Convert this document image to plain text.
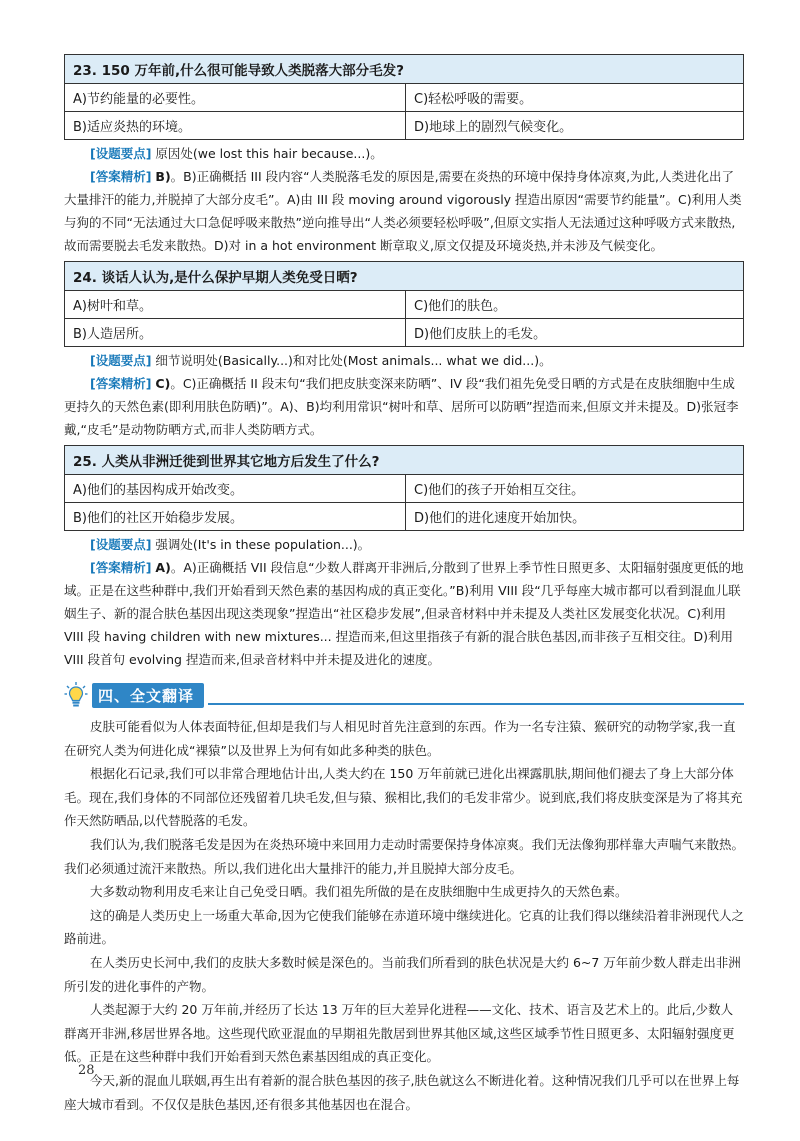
23. 150 万年前,什么很可能导致人类脱落大部分毛发?	
A)节约能量的必要性。	C)轻松呼吸的需要。
B)适应炎热的环境。	D)地球上的剧烈气候变化。

[设题要点] 原因处(we lost this hair because...)。

[答案精析] B)。B)正确概括 III 段内容“人类脱落毛发的原因是,需要在炎热的环境中保持身体凉爽,为此,人类进化出了大量排汗的能力,并脱掉了大部分皮毛”。A)由 III 段 moving around vigorously 捏造出原因“需要节约能量”。C)利用人类与狗的不同“无法通过大口急促呼吸来散热”逆向推导出“人类必须要轻松呼吸”,但原文实指人无法通过这种呼吸方式来散热,故而需要脱去毛发来散热。D)对 in a hot environment 断章取义,原文仅提及环境炎热,并未涉及气候变化。

24. 谈话人认为,是什么保护早期人类免受日晒?	
A)树叶和草。	C)他们的肤色。
B)人造居所。	D)他们皮肤上的毛发。

[设题要点] 细节说明处(Basically...)和对比处(Most animals... what we did...)。

[答案精析] C)。C)正确概括 II 段末句“我们把皮肤变深来防晒”、IV 段“我们祖先免受日晒的方式是在皮肤细胞中生成更持久的天然色素(即利用肤色防晒)”。A)、B)均利用常识“树叶和草、居所可以防晒”捏造而来,但原文并未提及。D)张冠李戴,“皮毛”是动物防晒方式,而非人类防晒方式。

25. 人类从非洲迁徙到世界其它地方后发生了什么?	
A)他们的基因构成开始改变。	C)他们的孩子开始相互交往。
B)他们的社区开始稳步发展。	D)他们的进化速度开始加快。

[设题要点] 强调处(It's in these population...)。

[答案精析] A)。A)正确概括 VII 段信息“少数人群离开非洲后,分散到了世界上季节性日照更多、太阳辐射强度更低的地域。正是在这些种群中,我们开始看到天然色素的基因构成的真正变化。”B)利用 VIII 段“几乎每座大城市都可以看到混血儿联姻生子、新的混合肤色基因出现这类现象”捏造出“社区稳步发展”,但录音材料中并未提及人类社区发展变化状况。C)利用 VIII 段 having children with new mixtures... 捏造而来,但这里指孩子有新的混合肤色基因,而非孩子互相交往。D)利用 VIII 段首句 evolving 捏造而来,但录音材料中并未提及进化的速度。

四、全文翻译

皮肤可能看似为人体表面特征,但却是我们与人相见时首先注意到的东西。作为一名专注猿、猴研究的动物学家,我一直在研究人类为何进化成“裸猿”以及世界上为何有如此多种类的肤色。

根据化石记录,我们可以非常合理地估计出,人类大约在 150 万年前就已进化出裸露肌肤,期间他们褪去了身上大部分体毛。现在,我们身体的不同部位还残留着几块毛发,但与猿、猴相比,我们的毛发非常少。说到底,我们将皮肤变深是为了将其充作天然防晒品,以代替脱落的毛发。

我们认为,我们脱落毛发是因为在炎热环境中来回用力走动时需要保持身体凉爽。我们无法像狗那样靠大声喘气来散热。我们必须通过流汗来散热。所以,我们进化出大量排汗的能力,并且脱掉大部分皮毛。

大多数动物利用皮毛来让自己免受日晒。我们祖先所做的是在皮肤细胞中生成更持久的天然色素。

这的确是人类历史上一场重大革命,因为它使我们能够在赤道环境中继续进化。它真的让我们得以继续沿着非洲现代人之路前进。

在人类历史长河中,我们的皮肤大多数时候是深色的。当前我们所看到的肤色状况是大约 6~7 万年前少数人群走出非洲所引发的进化事件的产物。

人类起源于大约 20 万年前,并经历了长达 13 万年的巨大差异化进程——文化、技术、语言及艺术上的。此后,少数人群离开非洲,移居世界各地。这些现代欧亚混血的早期祖先散居到世界其他区域,这些区域季节性日照更多、太阳辐射强度更低。正是在这些种群中我们开始看到天然色素基因组成的真正变化。

今天,新的混血儿联姻,再生出有着新的混合肤色基因的孩子,肤色就这么不断进化着。这种情况我们几乎可以在世界上每座大城市看到。不仅仅是肤色基因,还有很多其他基因也在混合。

28
